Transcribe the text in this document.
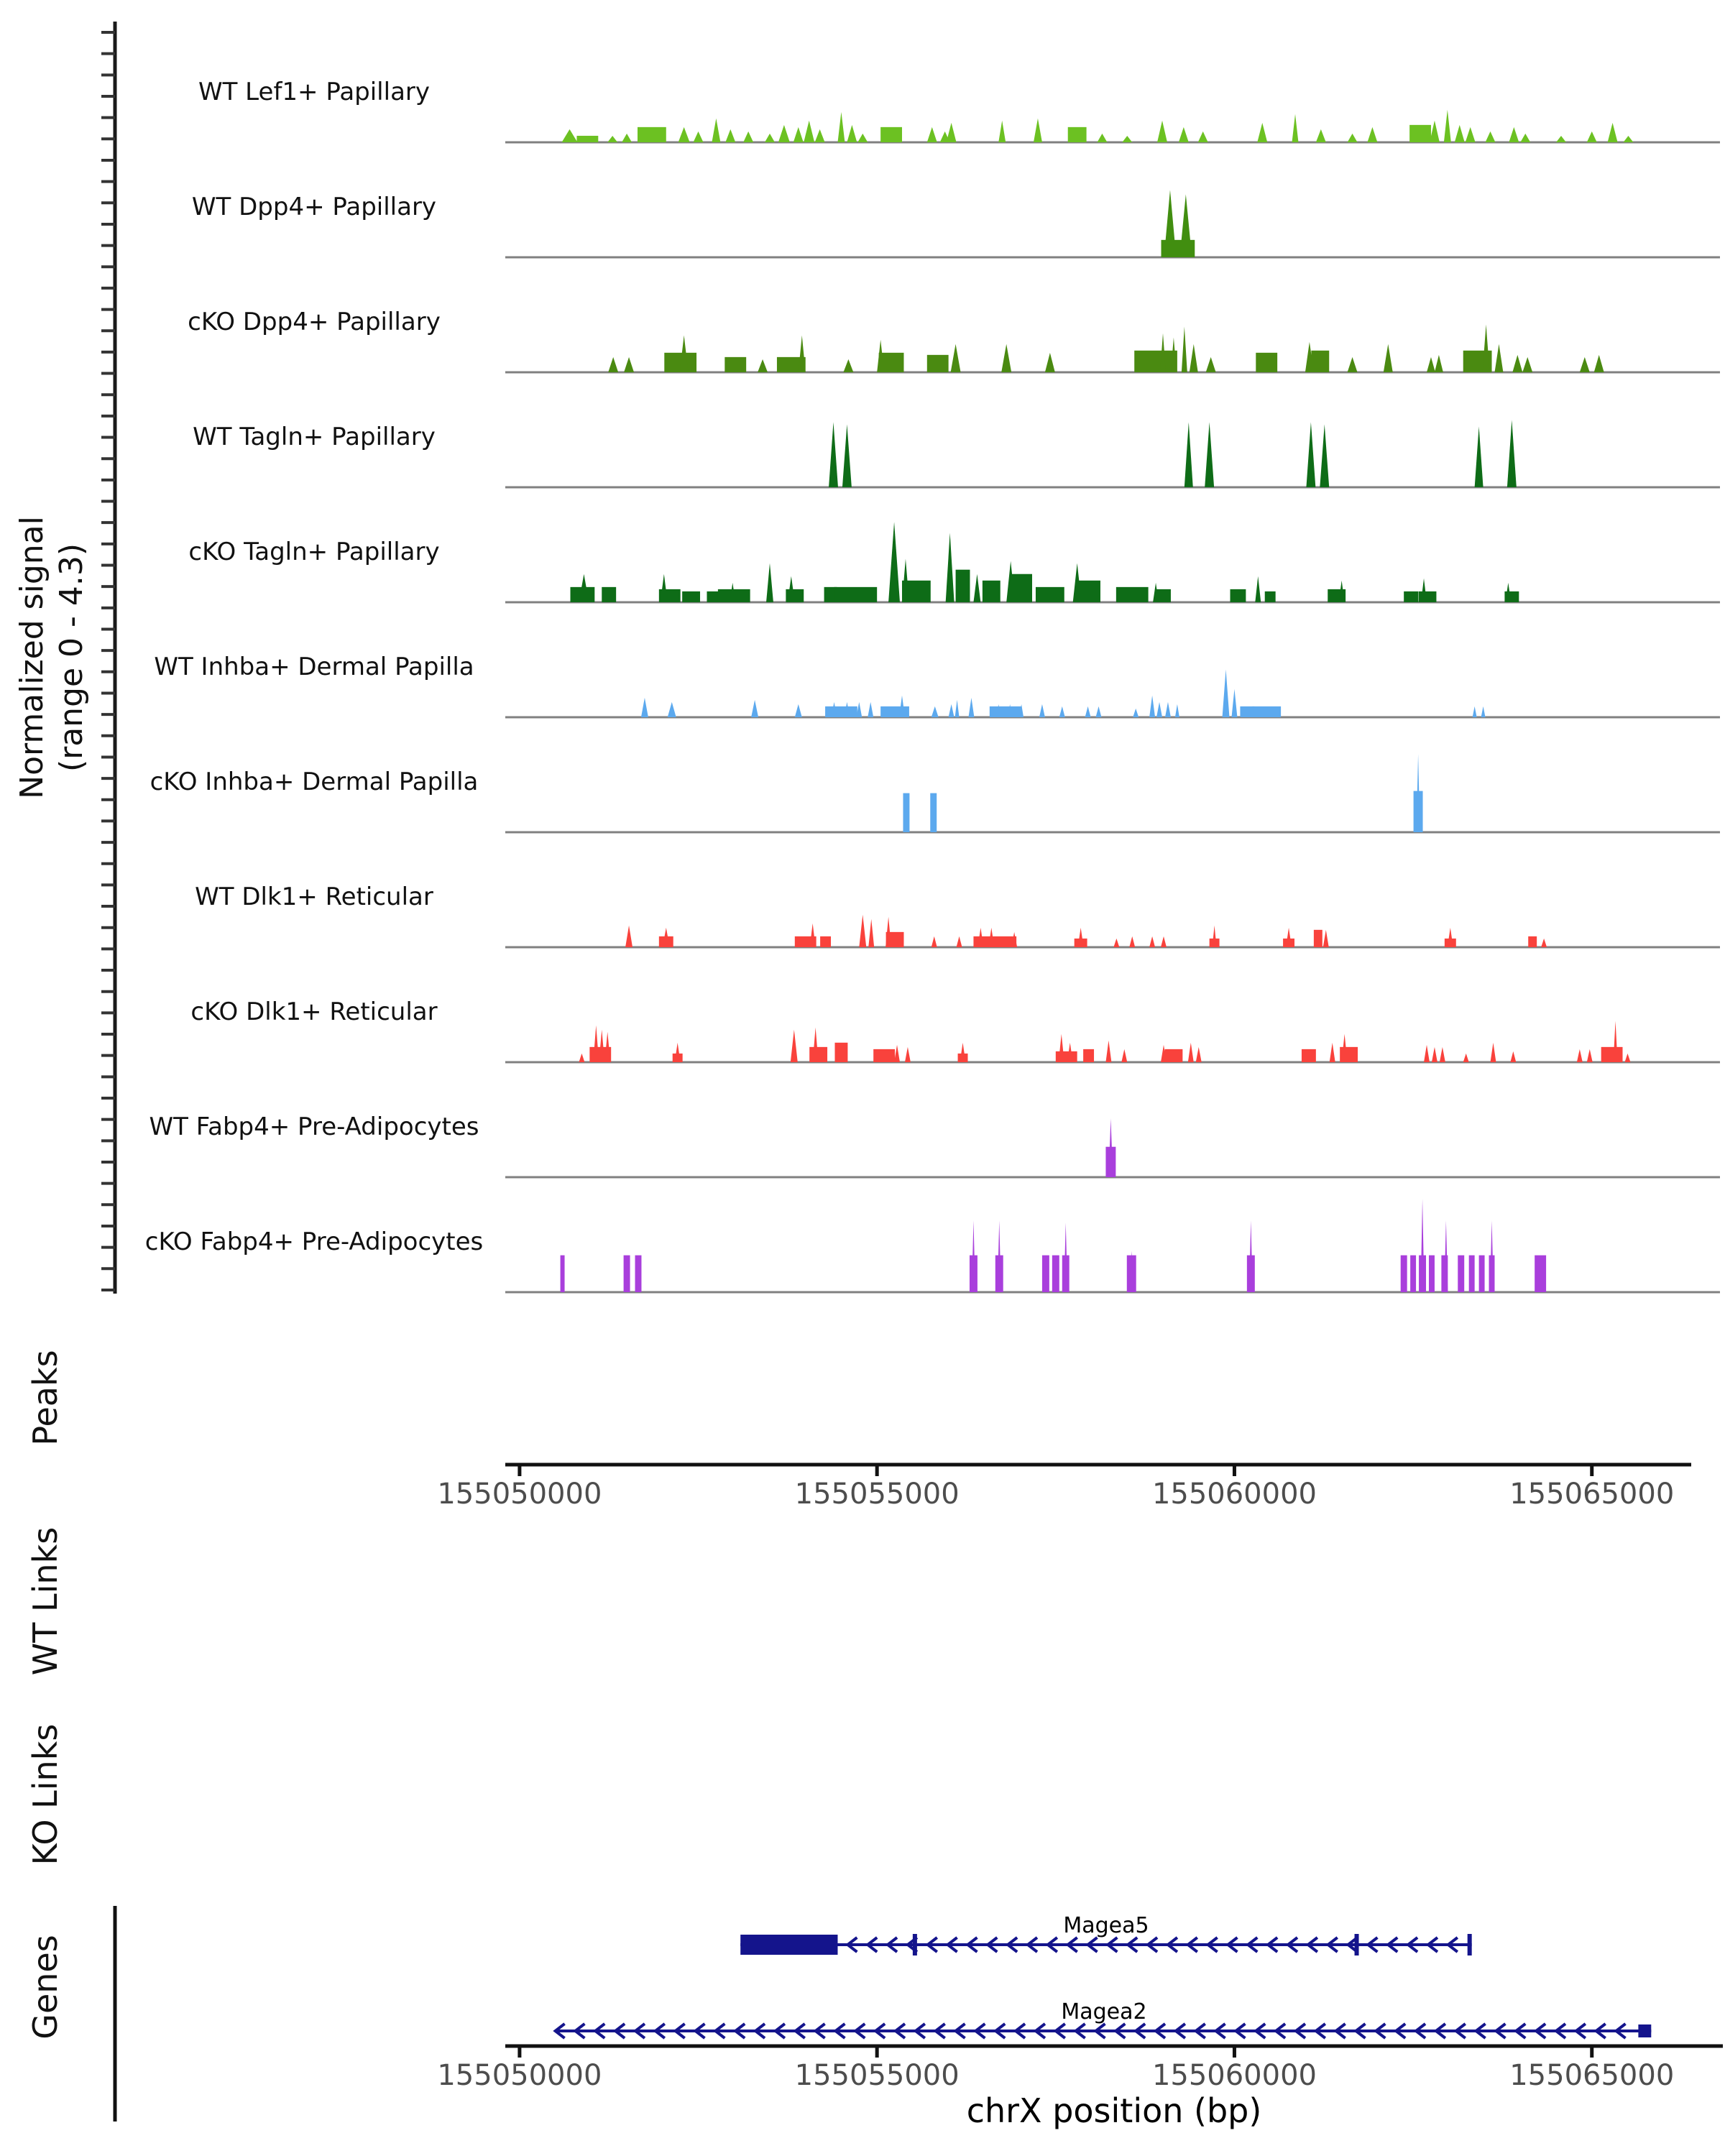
155050000	155055000	155060000	155065000
155050000	155055000	155060000	155065000
Magea5
Magea2
Normalized signal (range 0 - 4.3)
Peaks
WT Links
KO Links
Genes
WT Lef1+ Papillary
WT Dpp4+ Papillary
cKO Dpp4+ Papillary
WT Tagln+ Papillary
cKO Tagln+ Papillary
WT Inhba+ Dermal Papilla
cKO Inhba+ Dermal Papilla
WT Dlk1+ Reticular
cKO Dlk1+ Reticular
WT Fabp4+ Pre-Adipocytes
cKO Fabp4+ Pre-Adipocytes
chrX position (bp)
